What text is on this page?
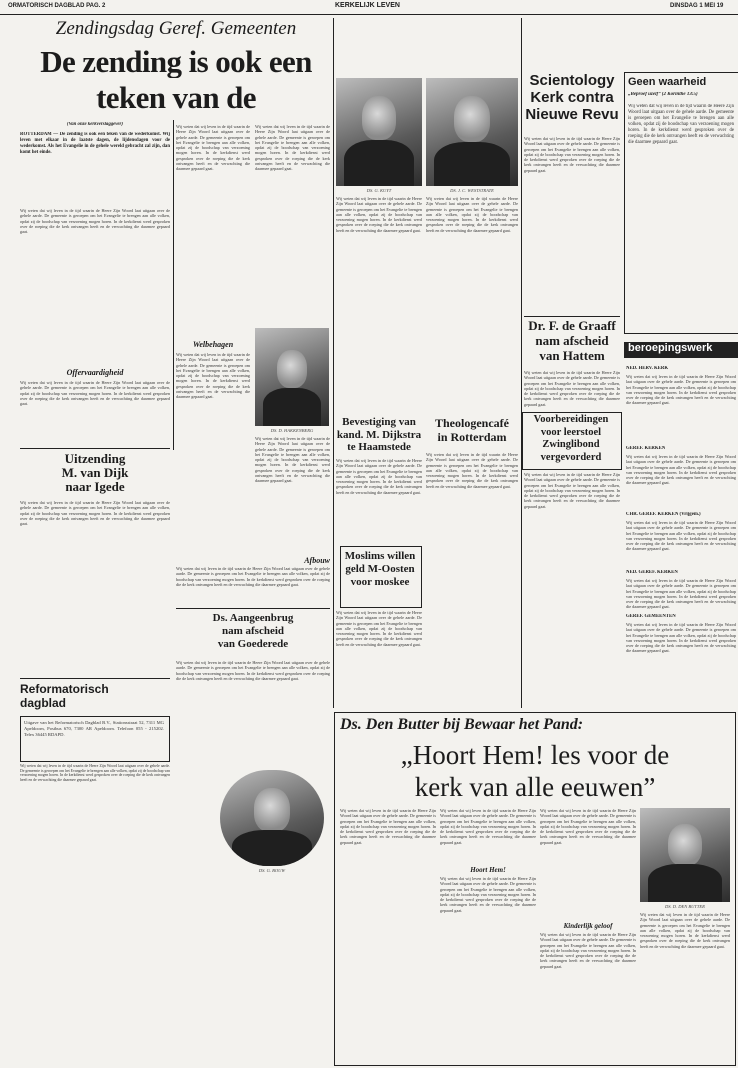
ORMATORISCH DAGBLAD PAG. 2	KERKELIJK LEVEN	DINSDAG 1 MEI 19
Zendingsdag Geref. Gemeenten
De zending is ook een
teken van de
(Van onze kerkverslaggever)
ROTTERDAM — De zending is ook een teken van de wederkomst. Wij leven met elkaar in de laatste dagen, de lijdensdagen voor de wederkomst. Als het Evangelie in de gehele wereld gebracht zal zijn, dan komt het einde.
Wij weten dat wij leven in de tijd waarin de Heere Zijn Woord laat uitgaan over de gehele aarde. De gemeente is geroepen om het Evangelie te brengen aan alle volken, opdat zij de boodschap van verzoening mogen horen. In de kerkdienst werd gesproken over de roeping die de kerk ontvangen heeft en de verwachting die daarmee gepaard gaat.
Offervaardigheid
Wij weten dat wij leven in de tijd waarin de Heere Zijn Woord laat uitgaan over de gehele aarde. De gemeente is geroepen om het Evangelie te brengen aan alle volken, opdat zij de boodschap van verzoening mogen horen. In de kerkdienst werd gesproken over de roeping die de kerk ontvangen heeft en de verwachting die daarmee gepaard gaat.
Wij weten dat wij leven in de tijd waarin de Heere Zijn Woord laat uitgaan over de gehele aarde. De gemeente is geroepen om het Evangelie te brengen aan alle volken, opdat zij de boodschap van verzoening mogen horen. In de kerkdienst werd gesproken over de roeping die de kerk ontvangen heeft en de verwachting die daarmee gepaard gaat.
Wij weten dat wij leven in de tijd waarin de Heere Zijn Woord laat uitgaan over de gehele aarde. De gemeente is geroepen om het Evangelie te brengen aan alle volken, opdat zij de boodschap van verzoening mogen horen. In de kerkdienst werd gesproken over de roeping die de kerk ontvangen heeft en de verwachting die daarmee gepaard gaat.
Welbehagen
Wij weten dat wij leven in de tijd waarin de Heere Zijn Woord laat uitgaan over de gehele aarde. De gemeente is geroepen om het Evangelie te brengen aan alle volken, opdat zij de boodschap van verzoening mogen horen. In de kerkdienst werd gesproken over de roeping die de kerk ontvangen heeft en de verwachting die daarmee gepaard gaat.
DS. D. HAKKENBERG
Wij weten dat wij leven in de tijd waarin de Heere Zijn Woord laat uitgaan over de gehele aarde. De gemeente is geroepen om het Evangelie te brengen aan alle volken, opdat zij de boodschap van verzoening mogen horen. In de kerkdienst werd gesproken over de roeping die de kerk ontvangen heeft en de verwachting die daarmee gepaard gaat.
Afbouw
Wij weten dat wij leven in de tijd waarin de Heere Zijn Woord laat uitgaan over de gehele aarde. De gemeente is geroepen om het Evangelie te brengen aan alle volken, opdat zij de boodschap van verzoening mogen horen. In de kerkdienst werd gesproken over de roeping die de kerk ontvangen heeft en de verwachting die daarmee gepaard gaat.
DS. G. KUYT	DS. J. C. WESTSTRATE
Wij weten dat wij leven in de tijd waarin de Heere Zijn Woord laat uitgaan over de gehele aarde. De gemeente is geroepen om het Evangelie te brengen aan alle volken, opdat zij de boodschap van verzoening mogen horen. In de kerkdienst werd gesproken over de roeping die de kerk ontvangen heeft en de verwachting die daarmee gepaard gaat.
Wij weten dat wij leven in de tijd waarin de Heere Zijn Woord laat uitgaan over de gehele aarde. De gemeente is geroepen om het Evangelie te brengen aan alle volken, opdat zij de boodschap van verzoening mogen horen. In de kerkdienst werd gesproken over de roeping die de kerk ontvangen heeft en de verwachting die daarmee gepaard gaat.
Bevestiging van
kand. M. Dijkstra
te Haamstede
Theologencafé
in Rotterdam
Wij weten dat wij leven in de tijd waarin de Heere Zijn Woord laat uitgaan over de gehele aarde. De gemeente is geroepen om het Evangelie te brengen aan alle volken, opdat zij de boodschap van verzoening mogen horen. In de kerkdienst werd gesproken over de roeping die de kerk ontvangen heeft en de verwachting die daarmee gepaard gaat.
Wij weten dat wij leven in de tijd waarin de Heere Zijn Woord laat uitgaan over de gehele aarde. De gemeente is geroepen om het Evangelie te brengen aan alle volken, opdat zij de boodschap van verzoening mogen horen. In de kerkdienst werd gesproken over de roeping die de kerk ontvangen heeft en de verwachting die daarmee gepaard gaat.
Moslims willen
geld M-Oosten
voor moskee
Wij weten dat wij leven in de tijd waarin de Heere Zijn Woord laat uitgaan over de gehele aarde. De gemeente is geroepen om het Evangelie te brengen aan alle volken, opdat zij de boodschap van verzoening mogen horen. In de kerkdienst werd gesproken over de roeping die de kerk ontvangen heeft en de verwachting die daarmee gepaard gaat.
Uitzending
M. van Dijk
naar Igede
Wij weten dat wij leven in de tijd waarin de Heere Zijn Woord laat uitgaan over de gehele aarde. De gemeente is geroepen om het Evangelie te brengen aan alle volken, opdat zij de boodschap van verzoening mogen horen. In de kerkdienst werd gesproken over de roeping die de kerk ontvangen heeft en de verwachting die daarmee gepaard gaat.
Reformatorisch
dagblad
Uitgave van het Reformatorisch Dagblad B.V., Stationsstraat 52, 7311 MG Apeldoorn, Postbus 670, 7300 AR Apeldoorn. Telefoon 055 - 215202. Telex 36445 RDAPD.
Wij weten dat wij leven in de tijd waarin de Heere Zijn Woord laat uitgaan over de gehele aarde. De gemeente is geroepen om het Evangelie te brengen aan alle volken, opdat zij de boodschap van verzoening mogen horen. In de kerkdienst werd gesproken over de roeping die de kerk ontvangen heeft en de verwachting die daarmee gepaard gaat.
Ds. Aangeenbrug
nam afscheid
van Goederede
Wij weten dat wij leven in de tijd waarin de Heere Zijn Woord laat uitgaan over de gehele aarde. De gemeente is geroepen om het Evangelie te brengen aan alle volken, opdat zij de boodschap van verzoening mogen horen. In de kerkdienst werd gesproken over de roeping die de kerk ontvangen heeft en de verwachting die daarmee gepaard gaat.
Ds. Den Butter bij Bewaar het Pand:
„Hoort Hem! les voor de
kerk van alle eeuwen”
DS. G. BOUW
Wij weten dat wij leven in de tijd waarin de Heere Zijn Woord laat uitgaan over de gehele aarde. De gemeente is geroepen om het Evangelie te brengen aan alle volken, opdat zij de boodschap van verzoening mogen horen. In de kerkdienst werd gesproken over de roeping die de kerk ontvangen heeft en de verwachting die daarmee gepaard gaat.
Hoort Hem!
Wij weten dat wij leven in de tijd waarin de Heere Zijn Woord laat uitgaan over de gehele aarde. De gemeente is geroepen om het Evangelie te brengen aan alle volken, opdat zij de boodschap van verzoening mogen horen. In de kerkdienst werd gesproken over de roeping die de kerk ontvangen heeft en de verwachting die daarmee gepaard gaat.
Wij weten dat wij leven in de tijd waarin de Heere Zijn Woord laat uitgaan over de gehele aarde. De gemeente is geroepen om het Evangelie te brengen aan alle volken, opdat zij de boodschap van verzoening mogen horen. In de kerkdienst werd gesproken over de roeping die de kerk ontvangen heeft en de verwachting die daarmee gepaard gaat.
Wij weten dat wij leven in de tijd waarin de Heere Zijn Woord laat uitgaan over de gehele aarde. De gemeente is geroepen om het Evangelie te brengen aan alle volken, opdat zij de boodschap van verzoening mogen horen. In de kerkdienst werd gesproken over de roeping die de kerk ontvangen heeft en de verwachting die daarmee gepaard gaat.
Kinderlijk geloof
Wij weten dat wij leven in de tijd waarin de Heere Zijn Woord laat uitgaan over de gehele aarde. De gemeente is geroepen om het Evangelie te brengen aan alle volken, opdat zij de boodschap van verzoening mogen horen. In de kerkdienst werd gesproken over de roeping die de kerk ontvangen heeft en de verwachting die daarmee gepaard gaat.
DS. D. DEN BUTTER
Wij weten dat wij leven in de tijd waarin de Heere Zijn Woord laat uitgaan over de gehele aarde. De gemeente is geroepen om het Evangelie te brengen aan alle volken, opdat zij de boodschap van verzoening mogen horen. In de kerkdienst werd gesproken over de roeping die de kerk ontvangen heeft en de verwachting die daarmee gepaard gaat.
Scientology
Kerk contra
Nieuwe Revu
Wij weten dat wij leven in de tijd waarin de Heere Zijn Woord laat uitgaan over de gehele aarde. De gemeente is geroepen om het Evangelie te brengen aan alle volken, opdat zij de boodschap van verzoening mogen horen. In de kerkdienst werd gesproken over de roeping die de kerk ontvangen heeft en de verwachting die daarmee gepaard gaat.
Dr. F. de Graaff
nam afscheid
van Hattem
Wij weten dat wij leven in de tijd waarin de Heere Zijn Woord laat uitgaan over de gehele aarde. De gemeente is geroepen om het Evangelie te brengen aan alle volken, opdat zij de boodschap van verzoening mogen horen. In de kerkdienst werd gesproken over de roeping die de kerk ontvangen heeft en de verwachting die daarmee gepaard gaat.
Voorbereidingen
voor leerstoel
Zwinglibond
vergevorderd
Wij weten dat wij leven in de tijd waarin de Heere Zijn Woord laat uitgaan over de gehele aarde. De gemeente is geroepen om het Evangelie te brengen aan alle volken, opdat zij de boodschap van verzoening mogen horen. In de kerkdienst werd gesproken over de roeping die de kerk ontvangen heeft en de verwachting die daarmee gepaard gaat.
Geen waarheid
„Beproef uzelf” (2 Korinthe 13:5)
Wij weten dat wij leven in de tijd waarin de Heere Zijn Woord laat uitgaan over de gehele aarde. De gemeente is geroepen om het Evangelie te brengen aan alle volken, opdat zij de boodschap van verzoening mogen horen. In de kerkdienst werd gesproken over de roeping die de kerk ontvangen heeft en de verwachting die daarmee gepaard gaat.
beroepingswerk
NED. HERV. KERK
Wij weten dat wij leven in de tijd waarin de Heere Zijn Woord laat uitgaan over de gehele aarde. De gemeente is geroepen om het Evangelie te brengen aan alle volken, opdat zij de boodschap van verzoening mogen horen. In de kerkdienst werd gesproken over de roeping die de kerk ontvangen heeft en de verwachting die daarmee gepaard gaat.
GEREF. KERKEN
Wij weten dat wij leven in de tijd waarin de Heere Zijn Woord laat uitgaan over de gehele aarde. De gemeente is geroepen om het Evangelie te brengen aan alle volken, opdat zij de boodschap van verzoening mogen horen. In de kerkdienst werd gesproken over de roeping die de kerk ontvangen heeft en de verwachting die daarmee gepaard gaat.
CHR. GEREF. KERKEN (Vrijgem.)
Wij weten dat wij leven in de tijd waarin de Heere Zijn Woord laat uitgaan over de gehele aarde. De gemeente is geroepen om het Evangelie te brengen aan alle volken, opdat zij de boodschap van verzoening mogen horen. In de kerkdienst werd gesproken over de roeping die de kerk ontvangen heeft en de verwachting die daarmee gepaard gaat.
NED. GEREF. KERKEN
Wij weten dat wij leven in de tijd waarin de Heere Zijn Woord laat uitgaan over de gehele aarde. De gemeente is geroepen om het Evangelie te brengen aan alle volken, opdat zij de boodschap van verzoening mogen horen. In de kerkdienst werd gesproken over de roeping die de kerk ontvangen heeft en de verwachting die daarmee gepaard gaat.
GEREF. GEMEENTEN
Wij weten dat wij leven in de tijd waarin de Heere Zijn Woord laat uitgaan over de gehele aarde. De gemeente is geroepen om het Evangelie te brengen aan alle volken, opdat zij de boodschap van verzoening mogen horen. In de kerkdienst werd gesproken over de roeping die de kerk ontvangen heeft en de verwachting die daarmee gepaard gaat.
